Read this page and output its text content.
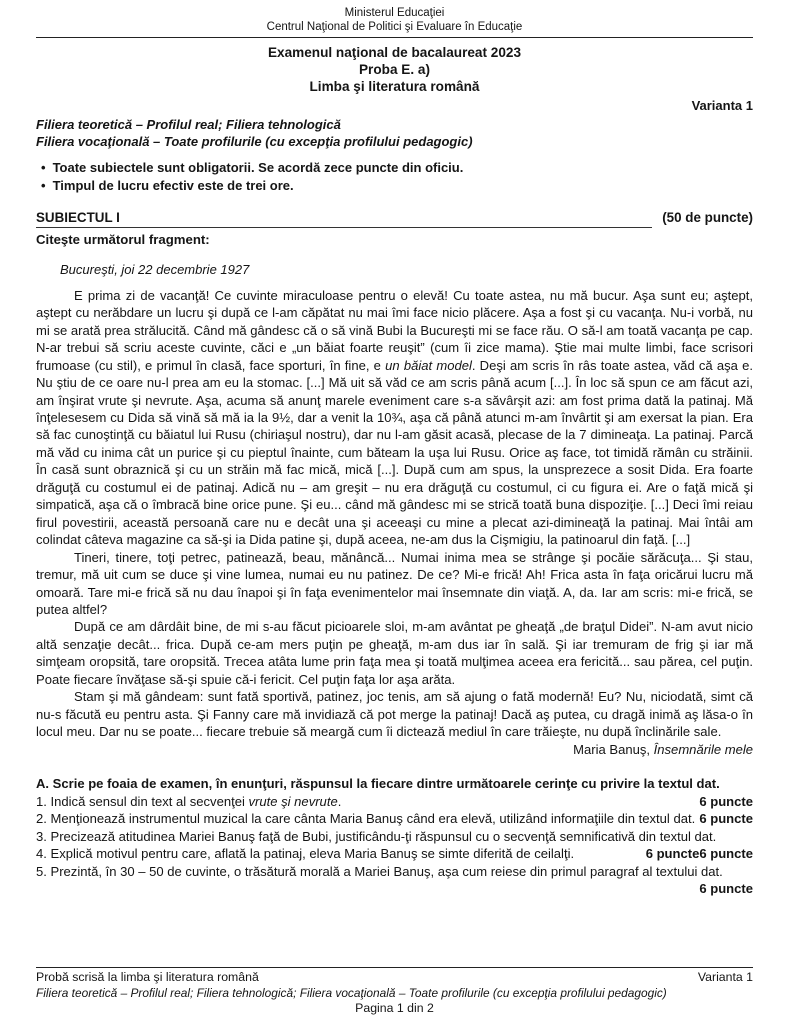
Ministerul Educaţiei
Centrul Naţional de Politici şi Evaluare în Educaţie
Examenul naţional de bacalaureat 2023
Proba E. a)
Limba şi literatura română
Varianta 1
Filiera teoretică – Profilul real; Filiera tehnologică
Filiera vocaţională – Toate profilurile (cu excepţia profilului pedagogic)
• Toate subiectele sunt obligatorii. Se acordă zece puncte din oficiu.
• Timpul de lucru efectiv este de trei ore.
SUBIECTUL I	(50 de puncte)
Citeşte următorul fragment:
Bucureşti, joi 22 decembrie 1927

E prima zi de vacanţă! Ce cuvinte miraculoase pentru o elevă! Cu toate astea, nu mă bucur. Aşa sunt eu; aştept, aştept cu nerăbdare un lucru şi după ce l-am căpătat nu mai îmi face nicio plăcere. Aşa a fost şi cu vacanţa. Nu-i vorbă, nu mi se arată prea strălucită. Când mă gândesc că o să vină Bubi la Bucureşti mi se face rău. O să-l am toată vacanţa pe cap. N-ar trebui să scriu aceste cuvinte, căci e „un băiat foarte reuşit” (cum îi zice mama). Ştie mai multe limbi, face scrisori frumoase (cu stil), e primul în clasă, face sporturi, în fine, e un băiat model. Deşi am scris în râs toate astea, văd că aşa e. Nu ştiu de ce oare nu-l prea am eu la stomac. [...] Mă uit să văd ce am scris până acum [...]. În loc să spun ce am făcut azi, am înşirat vrute şi nevrute. Aşa, acuma să anunţ marele eveniment care s-a săvârşit azi: am fost prima dată la patinaj. Mă înţelesesem cu Dida să vină să mă ia la 9½, dar a venit la 10¾, aşa că până atunci m-am învârtit şi am exersat la pian. Era să fac cunoştinţă cu băiatul lui Rusu (chiriaşul nostru), dar nu l-am găsit acasă, plecase de la 7 dimineaţa. La patinaj. Parcă mă văd cu inima cât un purice şi cu pieptul înainte, cum băteam la uşa lui Rusu. Orice aş face, tot timidă rămân cu străinii. În casă sunt obraznică şi cu un străin mă fac mică, mică [...]. După cum am spus, la unsprezece a sosit Dida. Era foarte drăguţă cu costumul ei de patinaj. Adică nu – am greşit – nu era drăguţă cu costumul, ci cu figura ei. Are o faţă mică şi simpatică, aşa că o îmbracă bine orice pune. Şi eu... când mă gândesc mi se strică toată buna dispoziţie. [...] Deci îmi reiau firul povestirii, această persoană care nu e decât una şi aceeaşi cu mine a plecat azi-dimineaţă la patinaj. Mai întâi am colindat câteva magazine ca să-şi ia Dida patine şi, după aceea, ne-am dus la Cişmigiu, la patinoarul din faţă. [...]

Tineri, tinere, toţi petrec, patinează, beau, mănâncă... Numai inima mea se strânge şi pocăie sărăcuţa... Şi stau, tremur, mă uit cum se duce şi vine lumea, numai eu nu patinez. De ce? Mi-e frică! Ah! Frica asta în faţa oricărui lucru mă omoară. Tare mi-e frică să nu dau înapoi şi în faţa evenimentelor mai însemnate din viaţă. A, da. Iar am scris: mi-e frică, se putea altfel?

După ce am dârdâit bine, de mi s-au făcut picioarele sloi, m-am avântat pe gheaţă „de braţul Didei”. N-am avut nicio altă senzaţie decât... frica. După ce-am mers puţin pe gheaţă, m-am dus iar în sală. Şi iar tremuram de frig şi iar mă simţeam oropsită, tare oropsită. Trecea atâta lume prin faţa mea şi toată mulţimea aceea era fericită... sau părea, cel puţin. Poate fiecare învăţase să-şi spuie că-i fericit. Cel puţin faţa lor aşa arăta.

Stam şi mă gândeam: sunt fată sportivă, patinez, joc tenis, am să ajung o fată modernă! Eu? Nu, niciodată, simt că nu-s făcută eu pentru asta. Şi Fanny care mă invidiază că pot merge la patinaj! Dacă aş putea, cu dragă inimă aş lăsa-o în locul meu. Dar nu se poate... fiecare trebuie să meargă cum îi dictează mediul în care trăieşte, nu după înclinările sale.

Maria Banuş, Însemnările mele
A. Scrie pe foaia de examen, în enunţuri, răspunsul la fiecare dintre următoarele cerinţe cu privire la textul dat.
1. Indică sensul din text al secvenţei vrute şi nevrute.	6 puncte
2. Menţionează instrumentul muzical la care cânta Maria Banuş când era elevă, utilizând informaţiile din textul dat. 6 puncte
3. Precizează atitudinea Mariei Banuş faţă de Bubi, justificându-ţi răspunsul cu o secvenţă semnificativă din textul dat.
6 puncte
4. Explică motivul pentru care, aflată la patinaj, eleva Maria Banuş se simte diferită de ceilalţi.	6 puncte
5. Prezintă, în 30 – 50 de cuvinte, o trăsătură morală a Mariei Banuş, aşa cum reiese din primul paragraf al textului dat.
6 puncte
Probă scrisă la limba şi literatura română	Varianta 1
Filiera teoretică – Profilul real; Filiera tehnologică; Filiera vocaţională – Toate profilurile (cu excepţia profilului pedagogic)
Pagina 1 din 2
